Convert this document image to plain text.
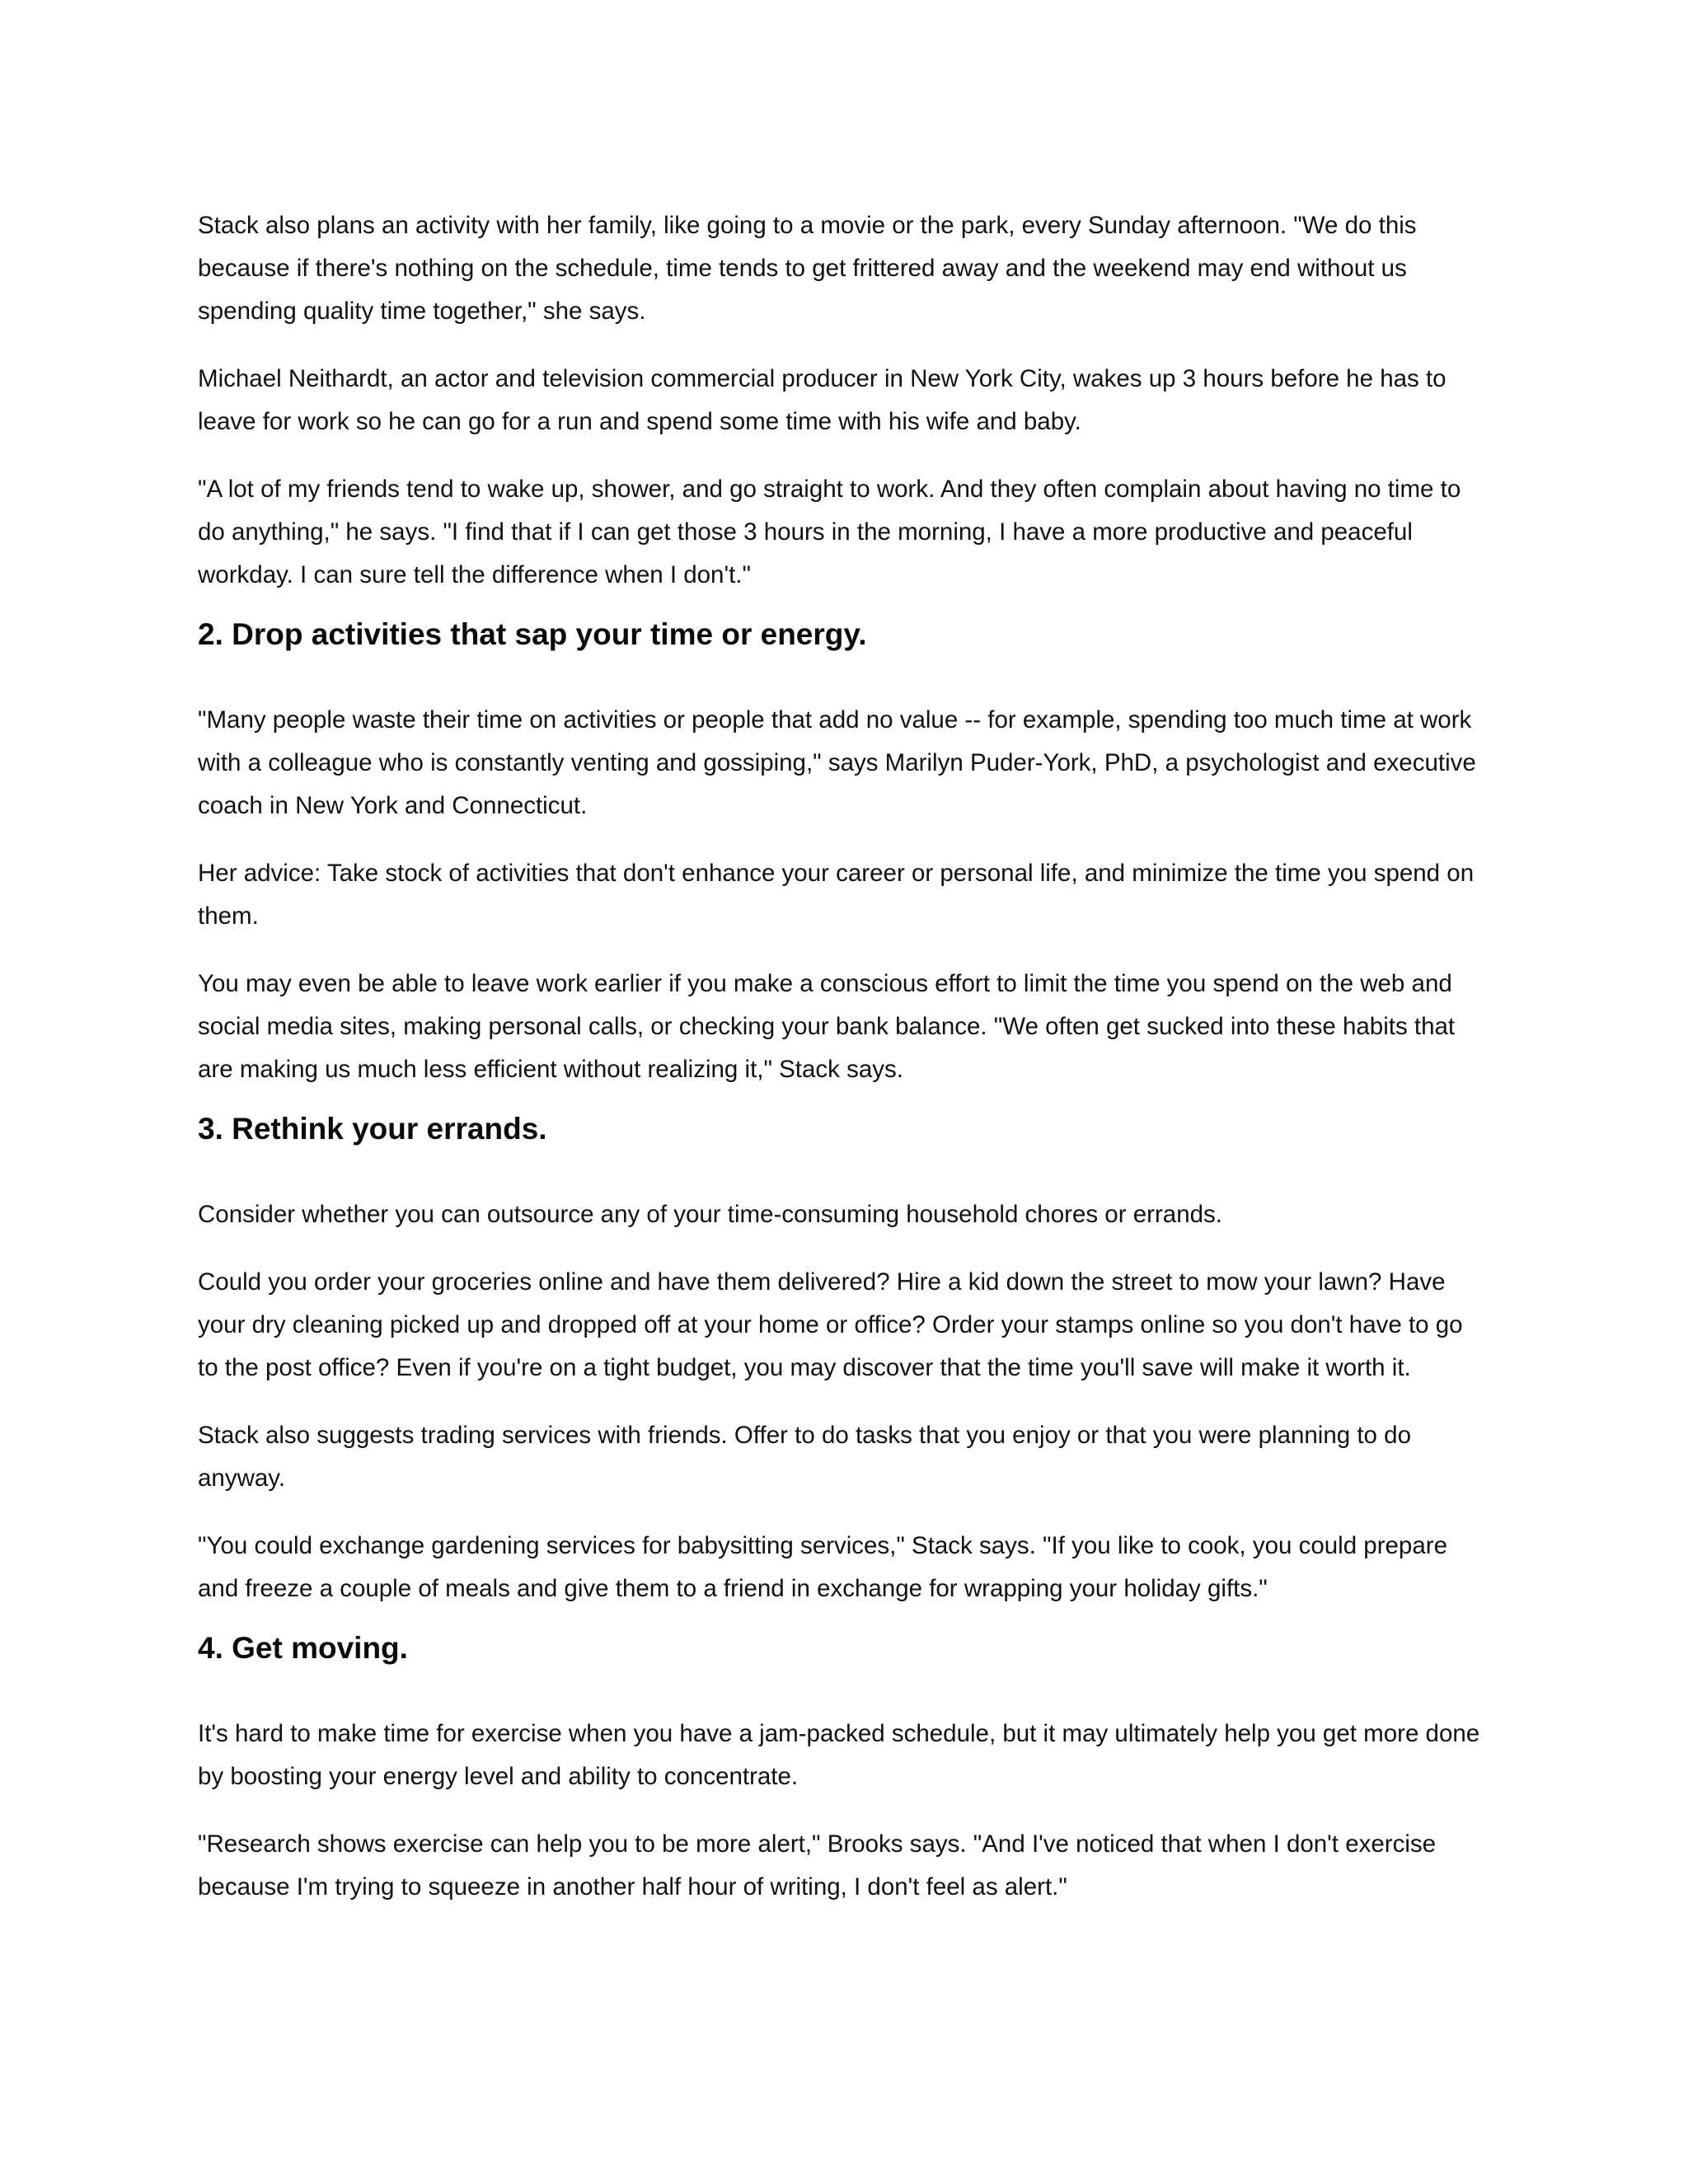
Stack also plans an activity with her family, like going to a movie or the park, every Sunday afternoon. "We do this because if there's nothing on the schedule, time tends to get frittered away and the weekend may end without us spending quality time together," she says.

Michael Neithardt, an actor and television commercial producer in New York City, wakes up 3 hours before he has to leave for work so he can go for a run and spend some time with his wife and baby.

"A lot of my friends tend to wake up, shower, and go straight to work. And they often complain about having no time to do anything," he says. "I find that if I can get those 3 hours in the morning, I have a more productive and peaceful workday. I can sure tell the difference when I don't."

2. Drop activities that sap your time or energy.

"Many people waste their time on activities or people that add no value -- for example, spending too much time at work with a colleague who is constantly venting and gossiping," says Marilyn Puder-York, PhD, a psychologist and executive coach in New York and Connecticut.

Her advice: Take stock of activities that don't enhance your career or personal life, and minimize the time you spend on them.

You may even be able to leave work earlier if you make a conscious effort to limit the time you spend on the web and social media sites, making personal calls, or checking your bank balance. "We often get sucked into these habits that are making us much less efficient without realizing it," Stack says.

3. Rethink your errands.

Consider whether you can outsource any of your time-consuming household chores or errands.

Could you order your groceries online and have them delivered? Hire a kid down the street to mow your lawn? Have your dry cleaning picked up and dropped off at your home or office? Order your stamps online so you don't have to go to the post office? Even if you're on a tight budget, you may discover that the time you'll save will make it worth it.

Stack also suggests trading services with friends. Offer to do tasks that you enjoy or that you were planning to do anyway.

"You could exchange gardening services for babysitting services," Stack says. "If you like to cook, you could prepare and freeze a couple of meals and give them to a friend in exchange for wrapping your holiday gifts."

4. Get moving.

It's hard to make time for exercise when you have a jam-packed schedule, but it may ultimately help you get more done by boosting your energy level and ability to concentrate.

"Research shows exercise can help you to be more alert," Brooks says. "And I've noticed that when I don't exercise because I'm trying to squeeze in another half hour of writing, I don't feel as alert."
